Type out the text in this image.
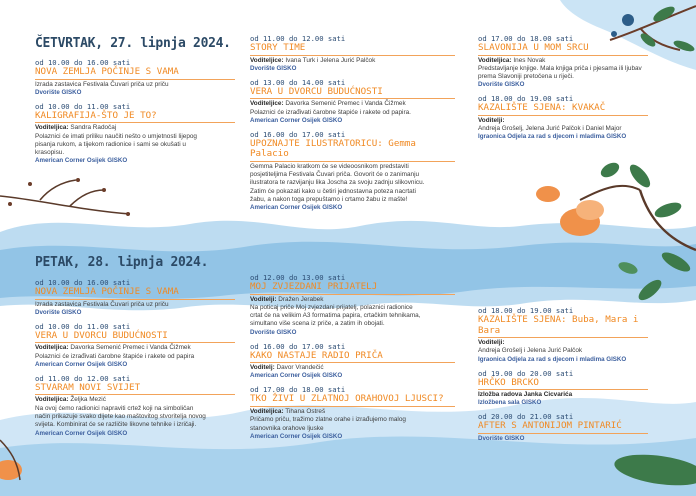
ČETVRTAK, 27. lipnja 2024.
PETAK, 28. lipnja 2024.
od 10.00 do 16.00 sati
NOVA ZEMLJA POČINJE S VAMA
Izrada zastavica Festivala Čuvari priča uz priču
Dvorište GISKO
od 10.00 do 11.00 sati
KALIGRAFIJA-ŠTO JE TO?
Voditeljica: Sandra Radočaj
Polaznici će imati priliku naučiti nešto o umjetnosti lijepog
pisanja rukom, a tijekom radionice i sami se okušati u
krasopisu.
American Corner Osijek GISKO
od 10.00 do 16.00 sati
NOVA ZEMLJA POČINJE S VAMA
Izrada zastavica Festivala Čuvari priča uz priču
Dvorište GISKO
od 10.00 do 11.00 sati
VERA U DVORCU BUDUĆNOSTI
Voditeljica: Davorka Semenić Premec i Vanda Čižmek
Polaznici će izrađivati čarobne štapiće i rakete od papira
American Corner Osijek GISKO
od 11.00 do 12.00 sati
STVARAM NOVI SVIJET
Voditeljica: Željka Mezić
Na ovoj ćemo radionici napraviti crtež koji na simboličan
način prikazuje svako dijete kao maštovitog stvoritelja novog
svijeta. Kombinirat će se različite likovne tehnike i izričaji.
American Corner Osijek GISKO
od 11.00 do 12.00 sati
STORY TIME
Voditeljice: Ivana Turk i Jelena Jurić Palčok
Dvorište GISKO
od 13.00 do 14.00 sati
VERA U DVORCU BUDUĆNOSTI
Voditeljice: Davorka Semenić Premec i Vanda Čižmek
Polaznici će izrađivati čarobne štapiće i rakete od papira.
American Corner Osijek GISKO
od 16.00 do 17.00 sati
UPOZNAJTE ILUSTRATORICU: Gemma Palacio
Gemma Palacio kratkom će se videoosnikom predstaviti
posjetiteljima Festivala Čuvari priča. Govorit će o zanimanju
ilustratora te razvijanju lika Joscha za svoju zadnju slikovnicu.
Zatim će pokazati kako u četiri jednostavna poteza nacrtati
žabu, a nakon toga prepuštamo i crtamo žabu iz mašte!
American Corner Osijek GISKO
od 12.00 do 13.00 sati
MOJ ZVJEZDANI PRIJATELJ
Voditelji: Dražen Jerabek
Na poticaj priče Moj zvjezdani prijatelj, polaznici radionice
crtat će na velikim A3 formatima papira, crtačkim tehnikama,
simultano više scena iz priče, a zatim ih obojati.
Dvorište GISKO
od 16.00 do 17.00 sati
KAKO NASTAJE RADIO PRIČA
Voditelj: Davor Vrandečić
American Corner Osijek GISKO
od 17.00 do 18.00 sati
TKO ŽIVI U ZLATNOJ ORAHOVOJ LJUSCI?
Voditeljica: Tihana Ostreš
Pričamo priču, tražimo zlatne orahe i izrađujemo malog
stanovnika orahove ljuske
American Corner Osijek GISKO
od 17.00 do 18.00 sati
SLAVONIJA U MOM SRCU
Voditeljica: Ines Novak
Predstavljanje knjige. Mala knjiga priča i pjesama ili ljubav
prema Slavoniji pretočena u riječi.
Dvorište GISKO
od 18.00 do 19.00 sati
KAZALIŠTE SJENA: KVAKAČ
Voditelji:
Andreja Grošelj, Jelena Jurić Palčok i Daniel Major
Igraonica Odjela za rad s djecom i mladima GISKO
od 18.00 do 19.00 sati
KAZALIŠTE SJENA: Buba, Mara i Bara
Voditelji:
Andreja Grošelj i Jelena Jurić Palčok
Igraonica Odjela za rad s djecom i mladima GISKO
od 19.00 do 20.00 sati
HRČKO BRCKO
Izložba radova Janka Cicvarića
Izložbena sala GISKO
od 20.00 do 21.00 sati
AFTER S ANTONIJOM PINTARIĆ
Dvorište GISKO
